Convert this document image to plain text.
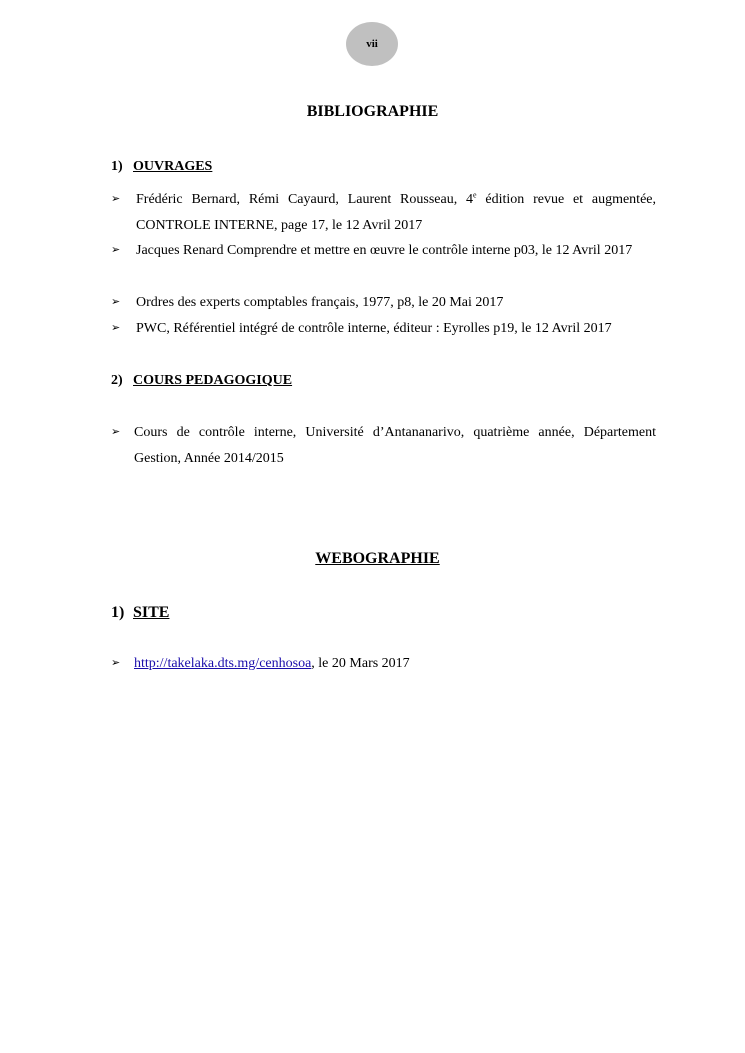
vii
BIBLIOGRAPHIE
1) OUVRAGES
➢	Frédéric Bernard, Rémi Cayaurd, Laurent Rousseau, 4e édition revue et augmentée, CONTROLE INTERNE, page 17, le 12 Avril 2017
➢	Jacques Renard Comprendre et mettre en œuvre le contrôle interne p03, le 12 Avril 2017
➢	Ordres des experts comptables français, 1977, p8, le 20 Mai 2017
➢	PWC, Référentiel intégré de contrôle interne, éditeur : Eyrolles p19, le 12 Avril 2017
2) COURS PEDAGOGIQUE
➢ Cours de contrôle interne, Université d’Antananarivo, quatrième année, Département Gestion, Année 2014/2015
WEBOGRAPHIE
1) SITE
➢ http://takelaka.dts.mg/cenhosoa, le 20 Mars 2017
